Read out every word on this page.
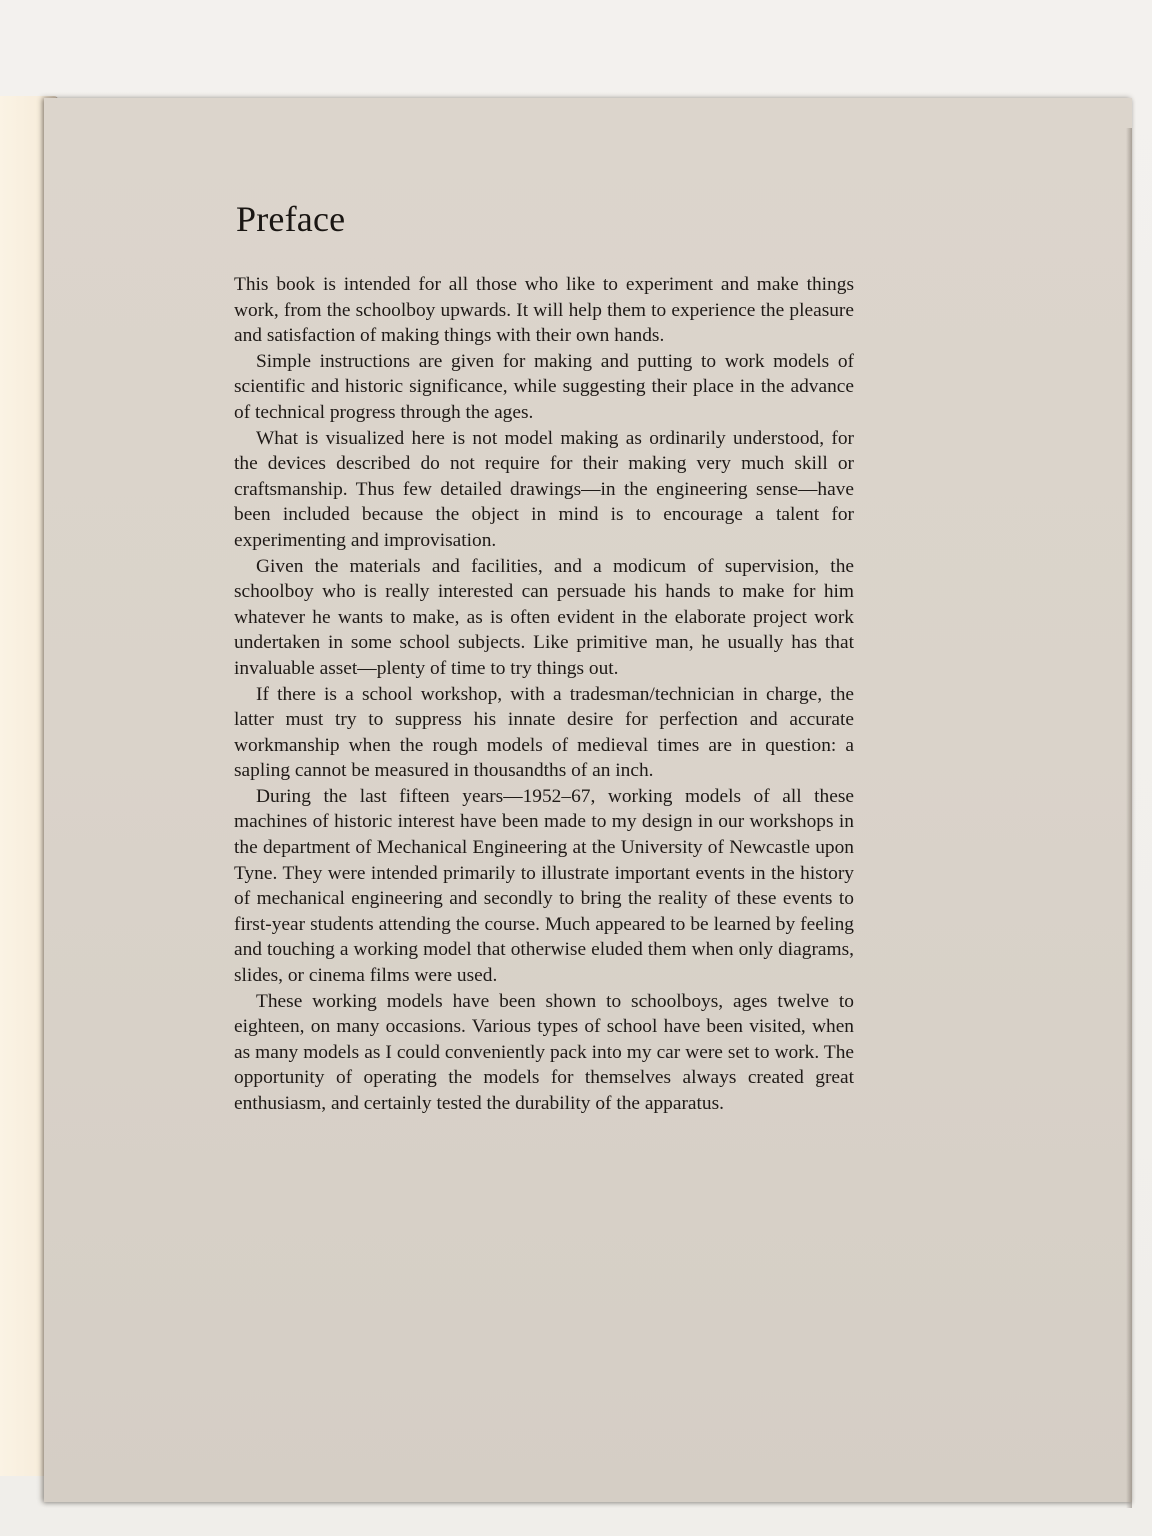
Preface

This book is intended for all those who like to experiment and make things work, from the schoolboy upwards. It will help them to experience the pleasure and satisfaction of making things with their own hands.

Simple instructions are given for making and putting to work models of scientific and historic significance, while suggesting their place in the advance of technical progress through the ages.

What is visualized here is not model making as ordinarily understood, for the devices described do not require for their making very much skill or craftsmanship. Thus few detailed drawings—in the engineering sense—have been included because the object in mind is to encourage a talent for experimenting and improvisation.

Given the materials and facilities, and a modicum of supervision, the schoolboy who is really interested can persuade his hands to make for him whatever he wants to make, as is often evident in the elaborate project work undertaken in some school subjects. Like primitive man, he usually has that invaluable asset—plenty of time to try things out.

If there is a school workshop, with a tradesman/technician in charge, the latter must try to suppress his innate desire for perfection and accurate workmanship when the rough models of medieval times are in question: a sapling cannot be measured in thousandths of an inch.

During the last fifteen years—1952–67, working models of all these machines of historic interest have been made to my design in our workshops in the department of Mechanical Engineering at the University of Newcastle upon Tyne. They were intended primarily to illustrate important events in the history of mechanical engineering and secondly to bring the reality of these events to first-year students attending the course. Much appeared to be learned by feeling and touching a working model that otherwise eluded them when only diagrams, slides, or cinema films were used.

These working models have been shown to schoolboys, ages twelve to eighteen, on many occasions. Various types of school have been visited, when as many models as I could conveniently pack into my car were set to work. The opportunity of operating the models for themselves always created great enthusiasm, and certainly tested the durability of the apparatus.
